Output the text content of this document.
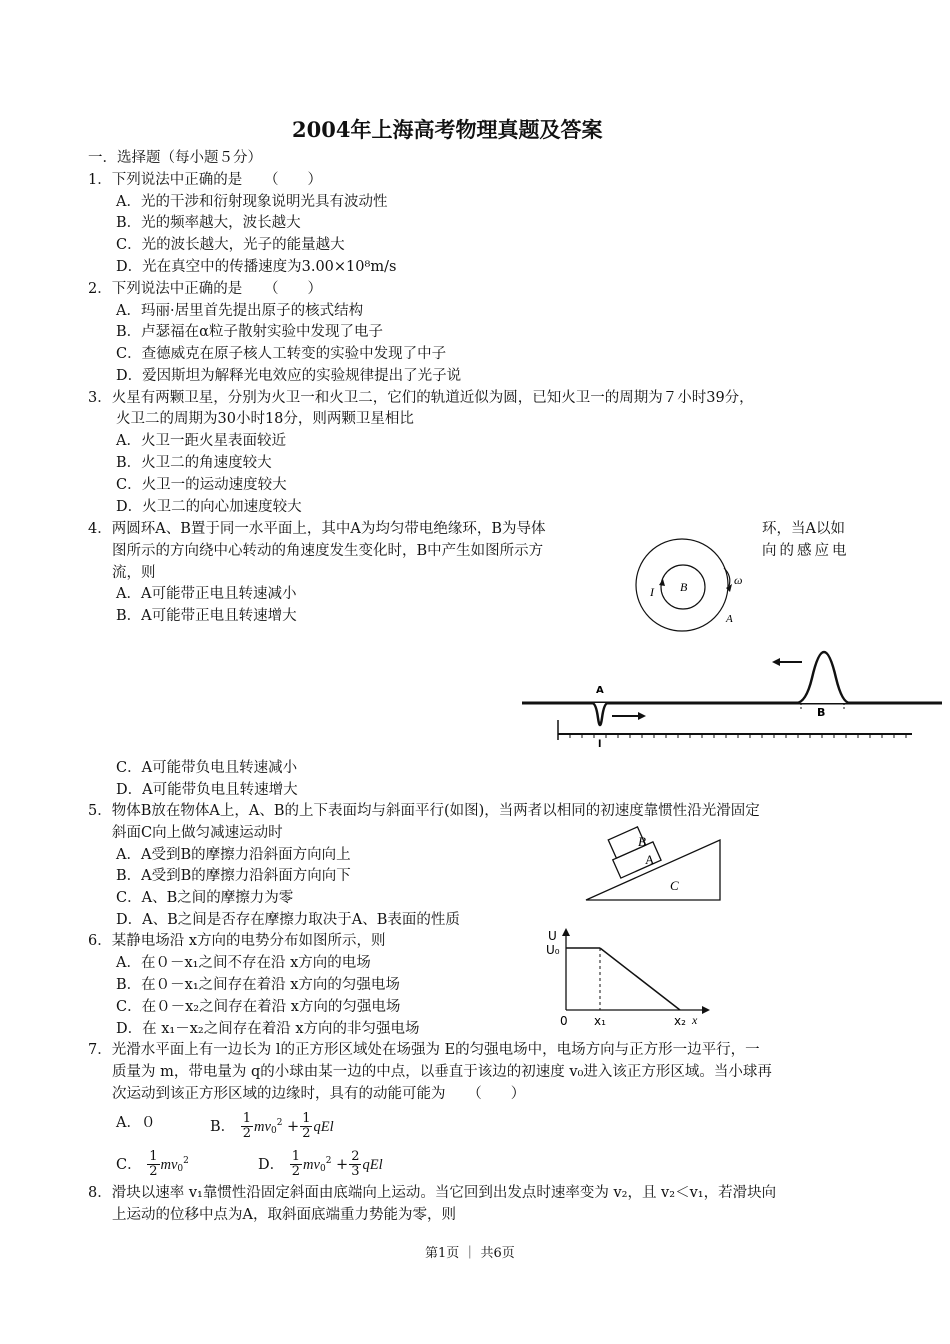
2004年上海高考物理真题及答案
一．选择题（每小题５分）
1．下列说法中正确的是　　（　　）
A．光的干涉和衍射现象说明光具有波动性
B．光的频率越大，波长越大
C．光的波长越大，光子的能量越大
D．光在真空中的传播速度为3.00×10⁸m/s
2．下列说法中正确的是　　（　　）
A．玛丽·居里首先提出原子的核式结构
B．卢瑟福在α粒子散射实验中发现了电子
C．查德威克在原子核人工转变的实验中发现了中子
D．爱因斯坦为解释光电效应的实验规律提出了光子说
3．火星有两颗卫星，分别为火卫一和火卫二，它们的轨道近似为圆，已知火卫一的周期为７小时39分，
火卫二的周期为30小时18分，则两颗卫星相比
A．火卫一距火星表面较近
B．火卫二的角速度较大
C．火卫一的运动速度较大
D．火卫二的向心加速度较大
4．两圆环A、B置于同一水平面上，其中A为均匀带电绝缘环，B为导体	环，当A以如
图所示的方向绕中心转动的角速度发生变化时，B中产生如图所示方	向的感应电
流，则
A．A可能带正电且转速减小
B．A可能带正电且转速增大
B
I
ω
A
B
A
l
C．A可能带负电且转速减小
D．A可能带负电且转速增大
5．物体B放在物体A上，A、B的上下表面均与斜面平行(如图)，当两者以相同的初速度靠惯性沿光滑固定
斜面C向上做匀减速运动时
A．A受到B的摩擦力沿斜面方向向上
B．A受到B的摩擦力沿斜面方向向下
C．A、B之间的摩擦力为零
D．A、B之间是否存在摩擦力取决于A、B表面的性质
B
A
C
6．某静电场沿 x方向的电势分布如图所示，则
A．在０－x₁之间不存在沿 x方向的电场
B．在０－x₁之间存在着沿 x方向的匀强电场
C．在０－x₂之间存在着沿 x方向的匀强电场
D．在 x₁－x₂之间存在着沿 x方向的非匀强电场
U
U₀
0 x₁	x₂ x
7．光滑水平面上有一边长为 l的正方形区域处在场强为 E的匀强电场中，电场方向与正方形一边平行，一
质量为 m，带电量为 q的小球由某一边的中点，以垂直于该边的初速度 v₀进入该正方形区域。当小球再
次运动到该正方形区域的边缘时，具有的动能可能为　　（　　）
A．０	B． $\frac{1}{2} mv_0^2 + \frac{1}{2}$ qEl
C． $\frac{1}{2} mv_0^2$	D． $\frac{1}{2} mv_0^2 + \frac{2}{3}$ qEl
8．滑块以速率 v₁靠惯性沿固定斜面由底端向上运动。当它回到出发点时速率变为 v₂，且 v₂＜v₁，若滑块向
上运动的位移中点为A，取斜面底端重力势能为零，则
第1页 ｜ 共6页
